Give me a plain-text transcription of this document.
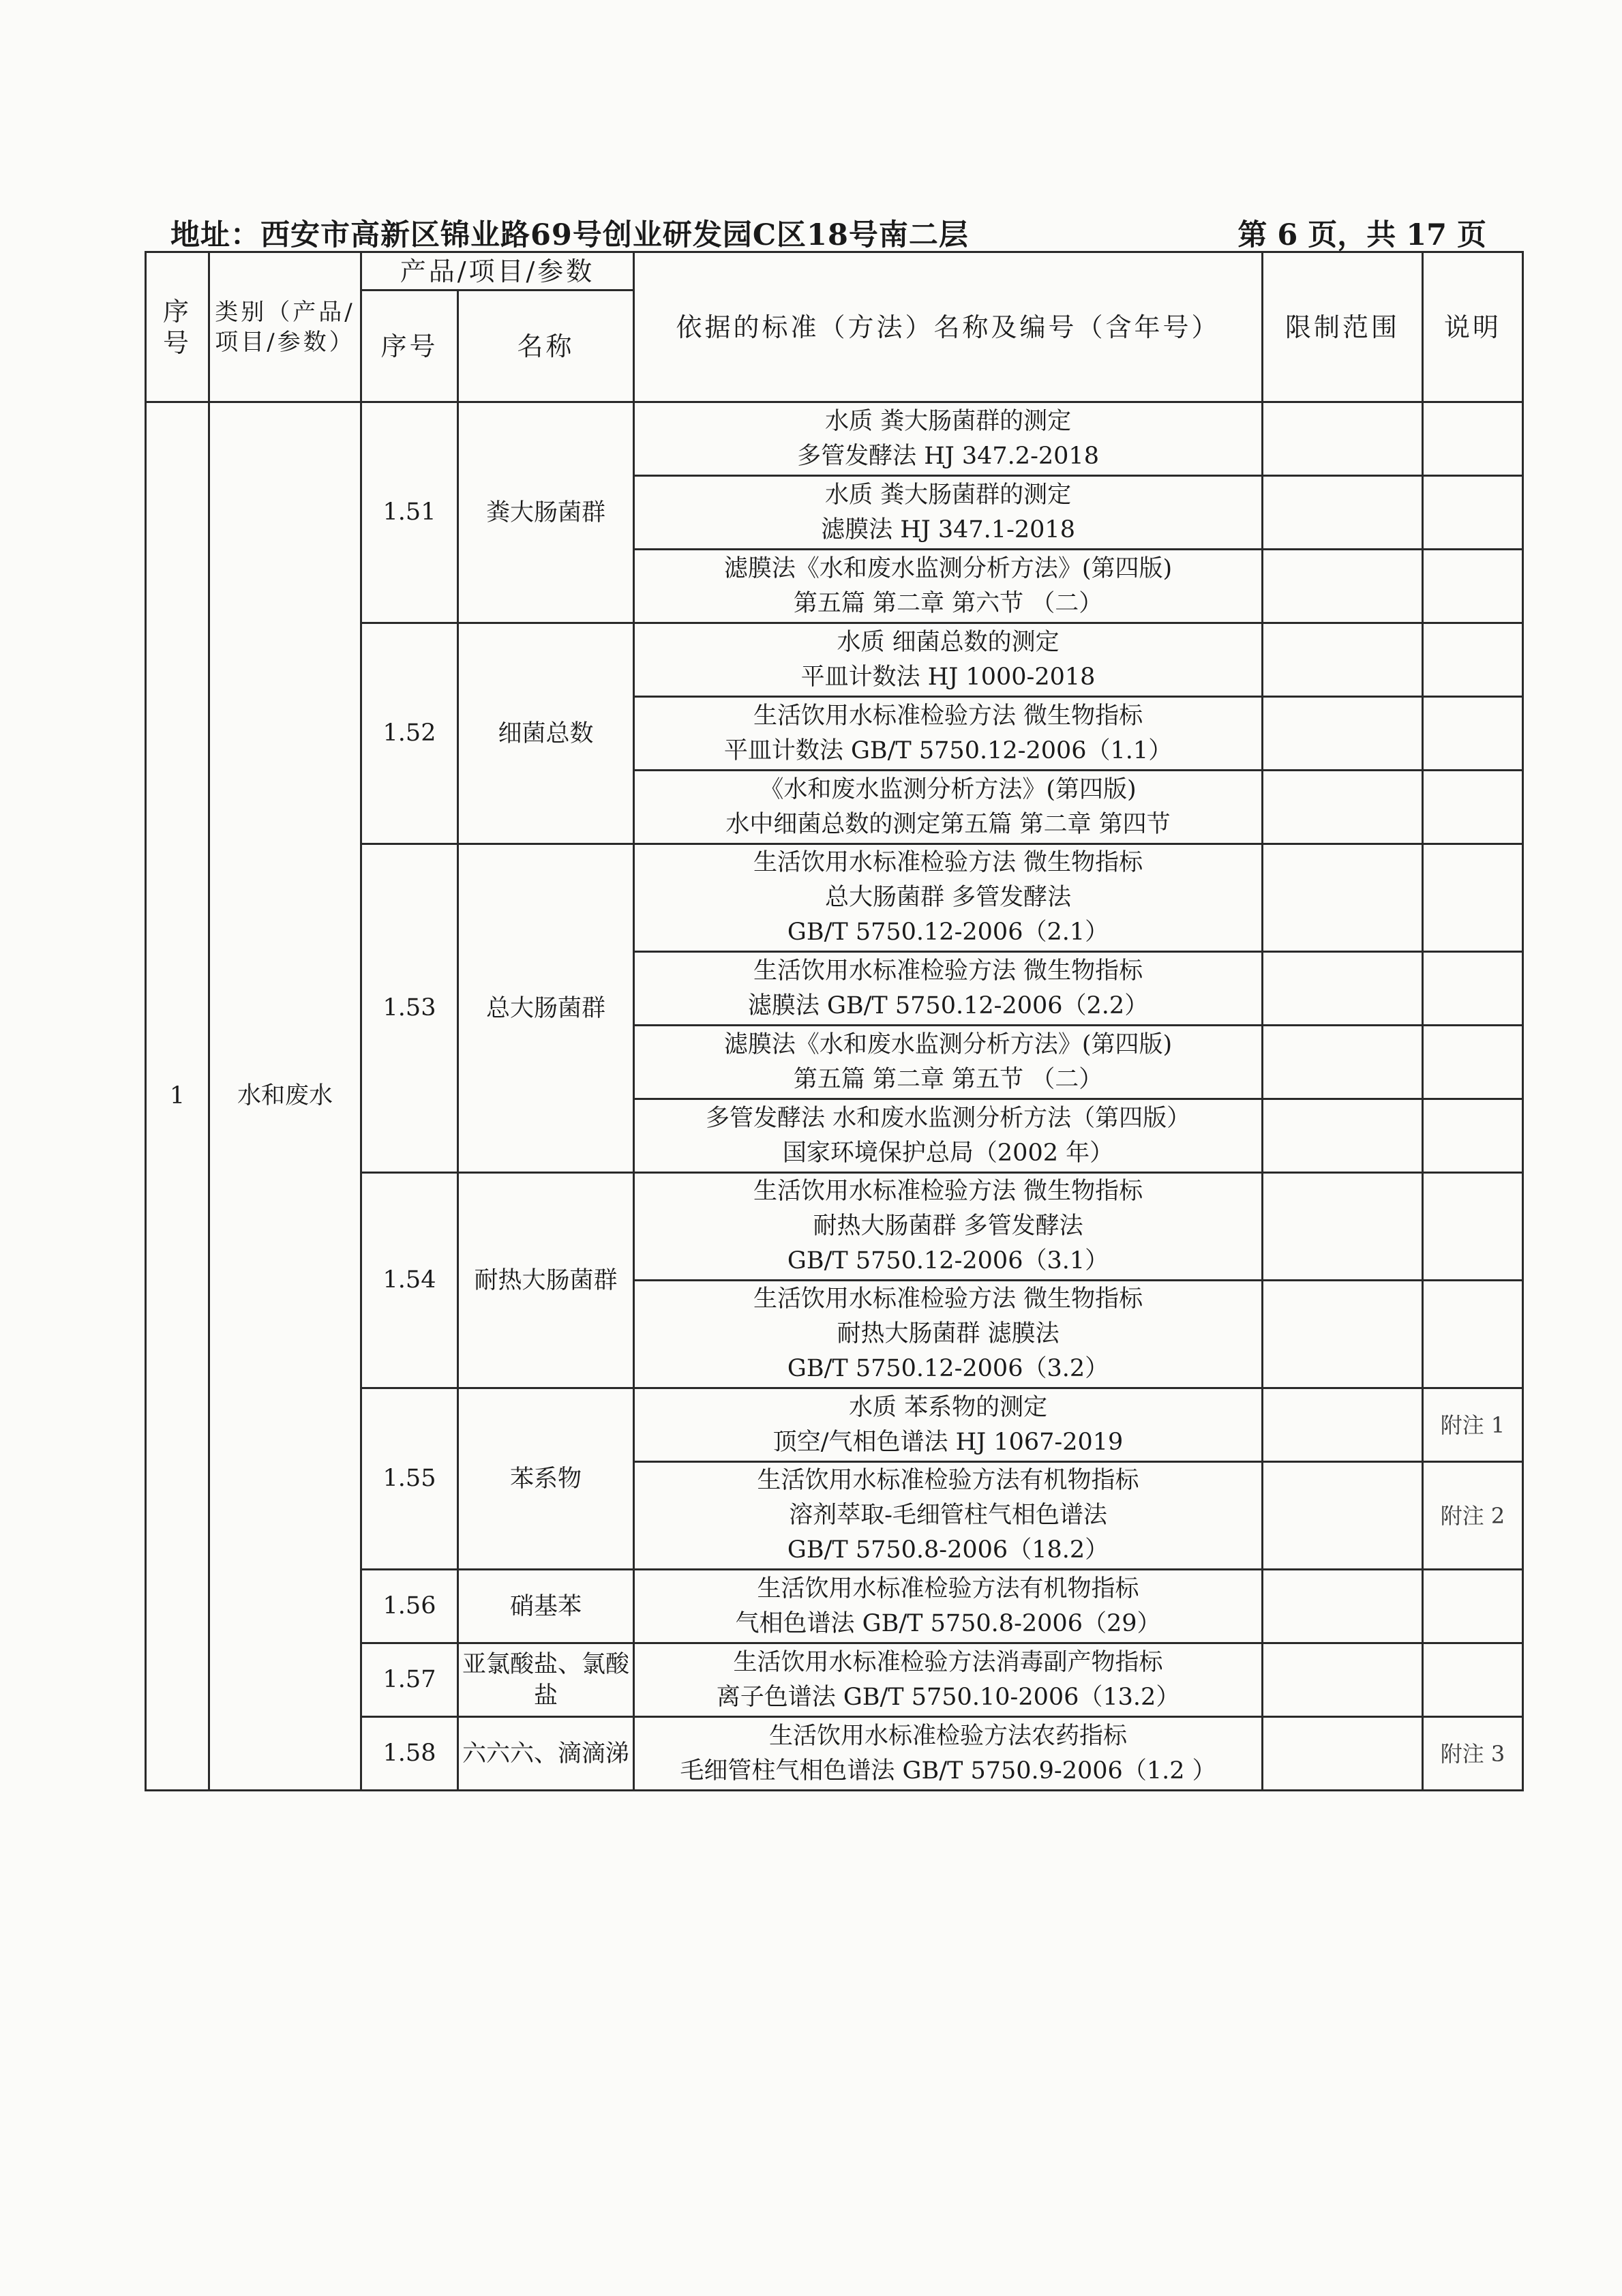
地址：西安市高新区锦业路69号创业研发园C区18号南二层	第 6 页，共 17 页
序号	类别（产品/项目/参数）	产品/项目/参数		依据的标准（方法）名称及编号（含年号）	限制范围	说明
		序号	名称			
1	水和废水	1.51	粪大肠菌群	水质 粪大肠菌群的测定
多管发酵法 HJ 347.2-2018		

				水质 粪大肠菌群的测定
滤膜法 HJ 347.1-2018		

				滤膜法《水和废水监测分析方法》(第四版)
第五篇 第二章 第六节 （二）		

		1.52	细菌总数	水质 细菌总数的测定
平皿计数法 HJ 1000-2018		

				生活饮用水标准检验方法 微生物指标
平皿计数法 GB/T 5750.12-2006（1.1）		

				《水和废水监测分析方法》(第四版)
水中细菌总数的测定第五篇 第二章 第四节		

		1.53	总大肠菌群	生活饮用水标准检验方法 微生物指标
总大肠菌群 多管发酵法
GB/T 5750.12-2006（2.1）		

				生活饮用水标准检验方法 微生物指标
滤膜法 GB/T 5750.12-2006（2.2）		

				滤膜法《水和废水监测分析方法》(第四版)
第五篇 第二章 第五节 （二）		

				多管发酵法 水和废水监测分析方法（第四版）
国家环境保护总局（2002 年）		

		1.54	耐热大肠菌群	生活饮用水标准检验方法 微生物指标
耐热大肠菌群 多管发酵法
GB/T 5750.12-2006（3.1）		

				生活饮用水标准检验方法 微生物指标
耐热大肠菌群 滤膜法
GB/T 5750.12-2006（3.2）		

		1.55	苯系物	水质 苯系物的测定
顶空/气相色谱法 HJ 1067-2019		附注 1

				生活饮用水标准检验方法有机物指标
溶剂萃取-毛细管柱气相色谱法
GB/T 5750.8-2006（18.2）		附注 2
		1.56	硝基苯	生活饮用水标准检验方法有机物指标
气相色谱法 GB/T 5750.8-2006（29）		

		1.57	亚氯酸盐、氯酸盐	生活饮用水标准检验方法消毒副产物指标
离子色谱法 GB/T 5750.10-2006（13.2）		

		1.58	六六六、滴滴涕	生活饮用水标准检验方法农药指标
毛细管柱气相色谱法 GB/T 5750.9-2006（1.2 ）		附注 3
